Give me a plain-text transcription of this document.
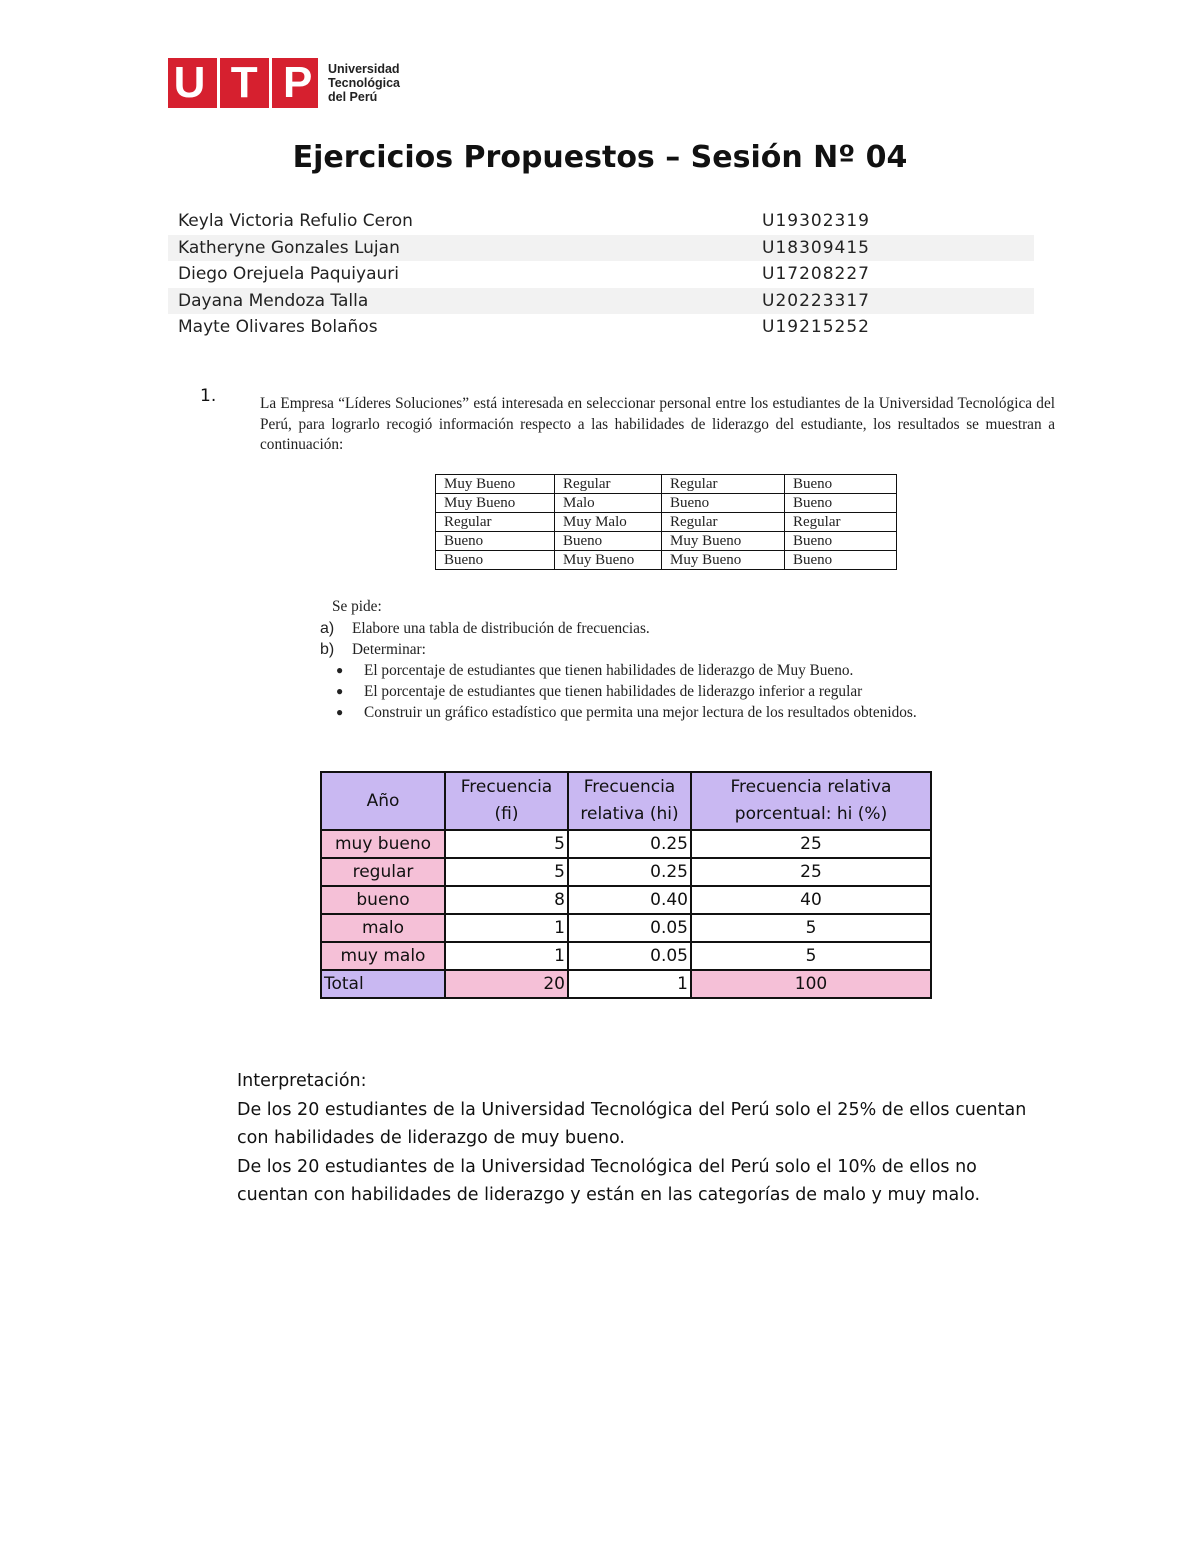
U T P Universidad
Tecnológica
del Perú
Ejercicios Propuestos – Sesión Nº 04
Keyla Victoria Refulio Ceron	U19302319
Katheryne Gonzales Lujan	U18309415
Diego Orejuela Paquiyauri	U17208227
Dayana Mendoza Talla	U20223317
Mayte Olivares Bolaños	U19215252
1.	La Empresa “Líderes Soluciones” está interesada en seleccionar personal entre los estudiantes de la Universidad Tecnológica del Perú, para lograrlo recogió información respecto a las habilidades de liderazgo del estudiante, los resultados se muestran a continuación:
Muy Bueno	Regular	Regular	Bueno
Muy Bueno	Malo	Bueno	Bueno
Regular	Muy Malo	Regular	Regular
Bueno	Bueno	Muy Bueno	Bueno
Bueno	Muy Bueno	Muy Bueno	Bueno
Se pide:
a)	Elabore una tabla de distribución de frecuencias.
b)	Determinar:
●	El porcentaje de estudiantes que tienen habilidades de liderazgo de Muy Bueno.
●	El porcentaje de estudiantes que tienen habilidades de liderazgo inferior a regular
●	Construir un gráfico estadístico que permita una mejor lectura de los resultados obtenidos.
Año	Frecuencia (fi)	Frecuencia relativa (hi)	Frecuencia relativa porcentual: hi (%)
muy bueno	5	0.25	25
regular	5	0.25	25
bueno	8	0.40	40
malo	1	0.05	5
muy malo	1	0.05	5
Total	20	1	100
Interpretación:
De los 20 estudiantes de la Universidad Tecnológica del Perú solo el 25% de ellos cuentan
con habilidades de liderazgo de muy bueno.
De los 20 estudiantes de la Universidad Tecnológica del Perú solo el 10% de ellos no
cuentan con habilidades de liderazgo y están en las categorías de malo y muy malo.
